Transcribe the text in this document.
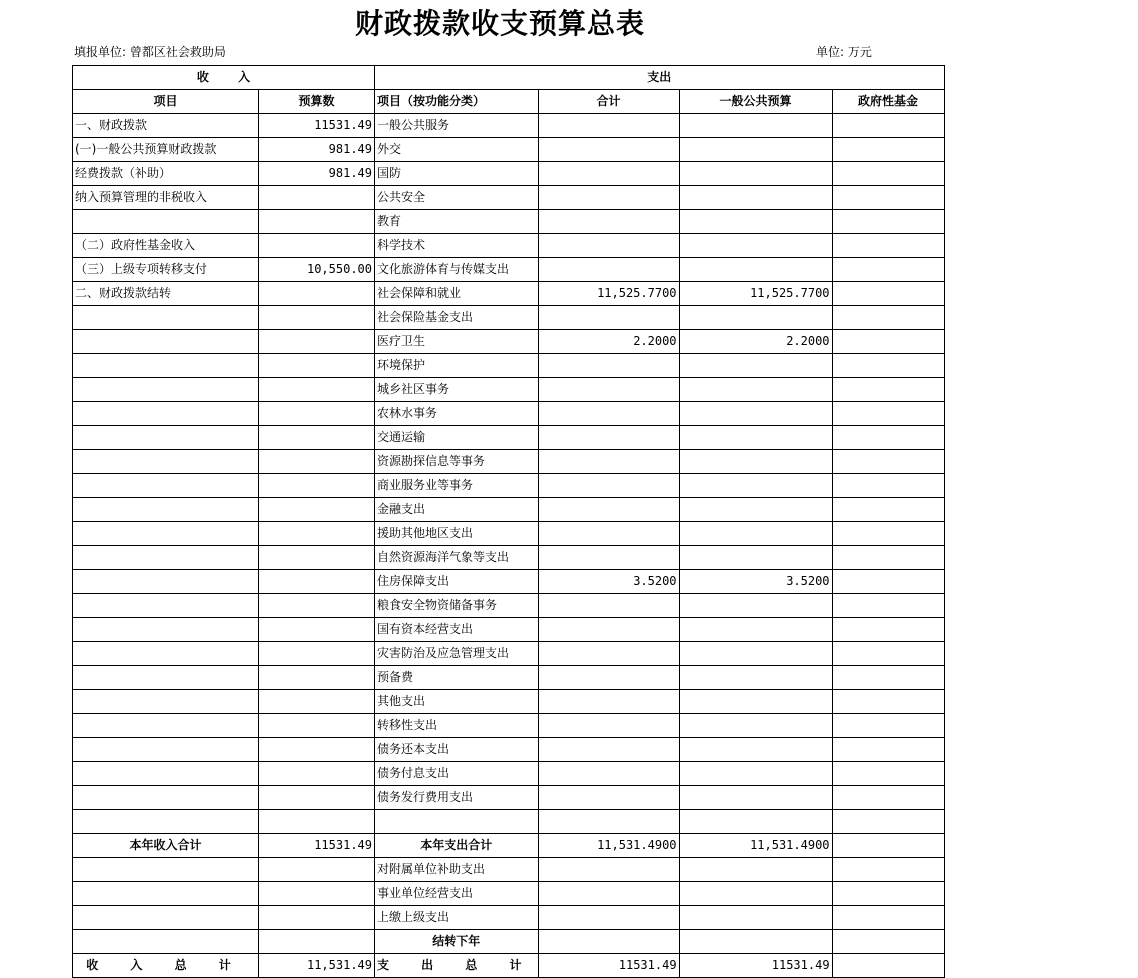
财政拨款收支预算总表
填报单位: 曾都区社会救助局	单位: 万元
收       入		支出			
项目	预算数	项目（按功能分类）	合计	一般公共预算	政府性基金
一、财政拨款	11531.49	一般公共服务			
(一)一般公共预算财政拨款	981.49	外交			
经费拨款（补助）	981.49	国防			
纳入预算管理的非税收入		公共安全			
		教育			
（二）政府性基金收入		科学技术			
（三）上级专项转移支付	10,550.00	文化旅游体育与传媒支出			
二、财政拨款结转		社会保障和就业	11,525.7700	11,525.7700	
		社会保险基金支出			
		医疗卫生	2.2000	2.2000	
		环境保护			
		城乡社区事务			
		农林水事务			
		交通运输			
		资源勘探信息等事务			
		商业服务业等事务			
		金融支出			
		援助其他地区支出			
		自然资源海洋气象等支出			
		住房保障支出	3.5200	3.5200	
		粮食安全物资储备事务			
		国有资本经营支出			
		灾害防治及应急管理支出			
		预备费			
		其他支出			
		转移性支出			
		债务还本支出			
		债务付息支出			
		债务发行费用支出			

本年收入合计	11531.49	本年支出合计	11,531.4900	11,531.4900	
		对附属单位补助支出			
		事业单位经营支出			
		上缴上级支出			
		结转下年			
收 入 总 计	11,531.49	支 出 总 计	11531.49	11531.49	
